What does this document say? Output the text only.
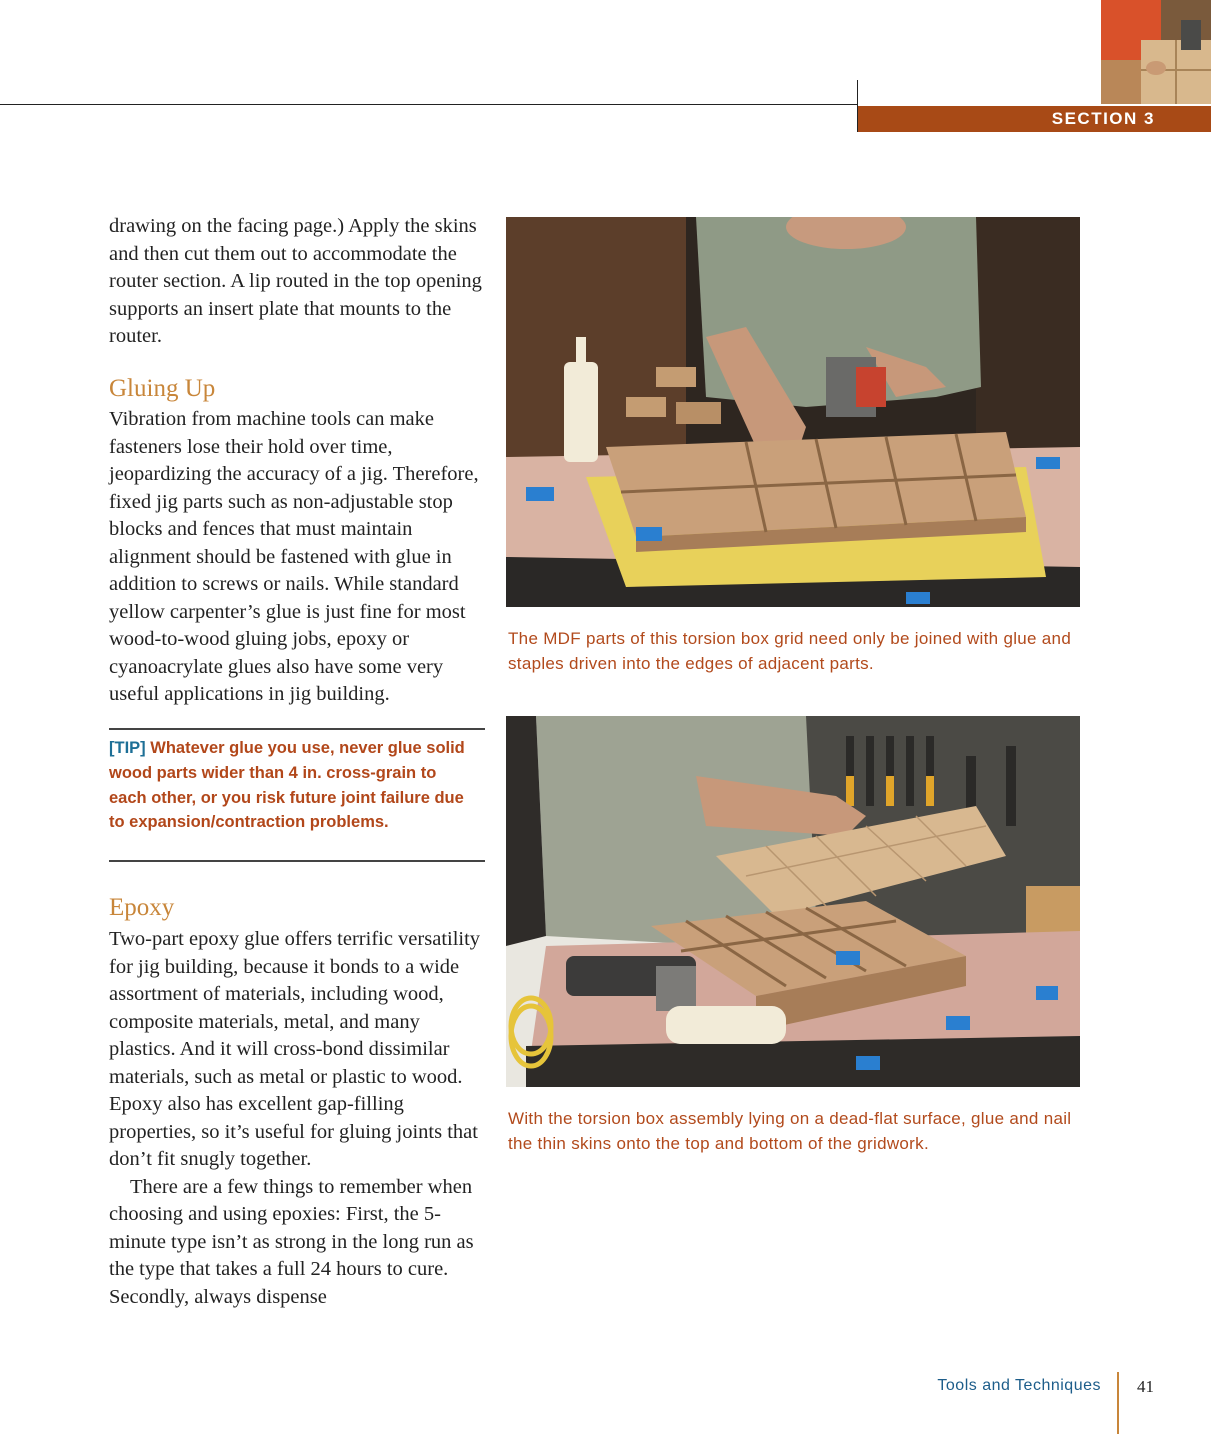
SECTION 3

drawing on the facing page.) Apply the skins and then cut them out to accommodate the router section. A lip routed in the top opening supports an insert plate that mounts to the router.

Gluing Up

Vibration from machine tools can make fasteners lose their hold over time, jeopardizing the accuracy of a jig. Therefore, fixed jig parts such as non-adjustable stop blocks and fences that must maintain alignment should be fastened with glue in addition to screws or nails. While standard yellow carpenter’s glue is just fine for most wood-to-wood gluing jobs, epoxy or cyanoacrylate glues also have some very useful applications in jig building.

[TIP] Whatever glue you use, never glue solid wood parts wider than 4 in. cross-grain to each other, or you risk future joint failure due to expansion/contraction problems.
Epoxy

Two-part epoxy glue offers terrific versatility for jig building, because it bonds to a wide assortment of materials, including wood, composite materials, metal, and many plastics. And it will cross-bond dissimilar materials, such as metal or plastic to wood. Epoxy also has excellent gap-filling properties, so it’s useful for gluing joints that don’t fit snugly together.

There are a few things to remember when choosing and using epoxies: First, the 5-minute type isn’t as strong in the long run as the type that takes a full 24 hours to cure. Secondly, always dispense

The MDF parts of this torsion box grid need only be joined with glue and staples driven into the edges of adjacent parts.
With the torsion box assembly lying on a dead-flat surface, glue and nail the thin skins onto the top and bottom of the gridwork.
Tools and Techniques 41
